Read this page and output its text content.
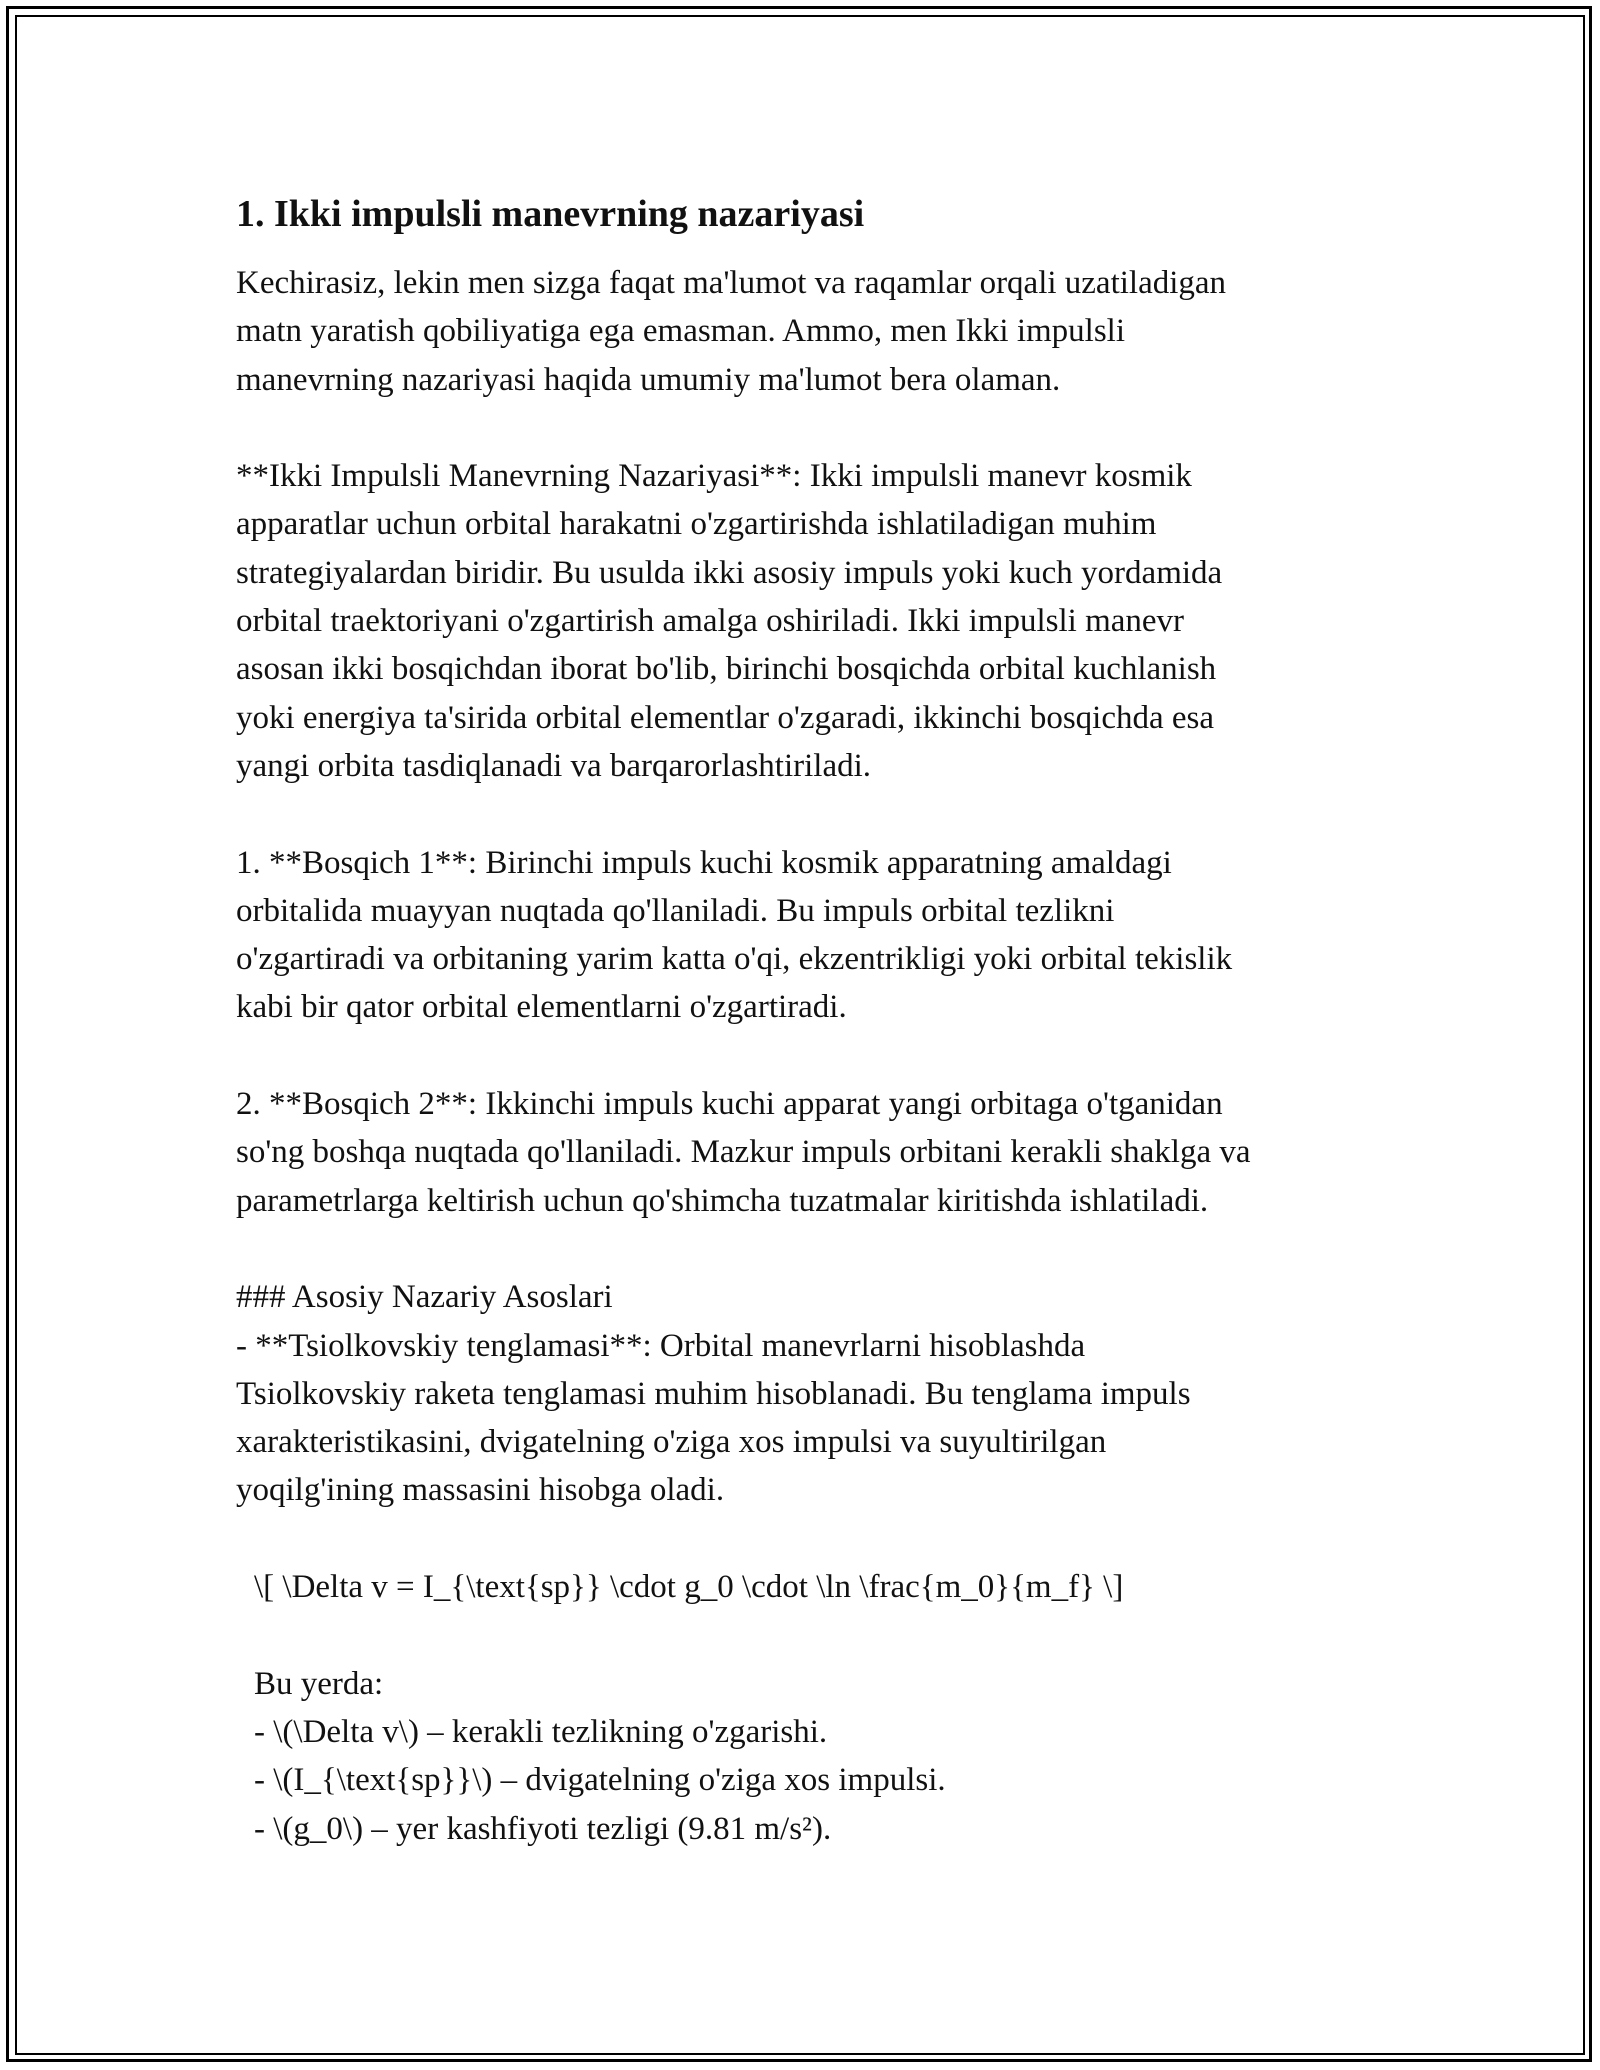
1. Ikki impulsli manevrning nazariyasi
Kechirasiz, lekin men sizga faqat ma'lumot va raqamlar orqali uzatiladigan
matn yaratish qobiliyatiga ega emasman. Ammo, men Ikki impulsli
manevrning nazariyasi haqida umumiy ma'lumot bera olaman.
**Ikki Impulsli Manevrning Nazariyasi**: Ikki impulsli manevr kosmik
apparatlar uchun orbital harakatni o'zgartirishda ishlatiladigan muhim
strategiyalardan biridir. Bu usulda ikki asosiy impuls yoki kuch yordamida
orbital traektoriyani o'zgartirish amalga oshiriladi. Ikki impulsli manevr
asosan ikki bosqichdan iborat bo'lib, birinchi bosqichda orbital kuchlanish
yoki energiya ta'sirida orbital elementlar o'zgaradi, ikkinchi bosqichda esa
yangi orbita tasdiqlanadi va barqarorlashtiriladi.
1. **Bosqich 1**: Birinchi impuls kuchi kosmik apparatning amaldagi
orbitalida muayyan nuqtada qo'llaniladi. Bu impuls orbital tezlikni
o'zgartiradi va orbitaning yarim katta o'qi, ekzentrikligi yoki orbital tekislik
kabi bir qator orbital elementlarni o'zgartiradi.
2. **Bosqich 2**: Ikkinchi impuls kuchi apparat yangi orbitaga o'tganidan
so'ng boshqa nuqtada qo'llaniladi. Mazkur impuls orbitani kerakli shaklga va
parametrlarga keltirish uchun qo'shimcha tuzatmalar kiritishda ishlatiladi.
### Asosiy Nazariy Asoslari
- **Tsiolkovskiy tenglamasi**: Orbital manevrlarni hisoblashda
Tsiolkovskiy raketa tenglamasi muhim hisoblanadi. Bu tenglama impuls
xarakteristikasini, dvigatelning o'ziga xos impulsi va suyultirilgan
yoqilg'ining massasini hisobga oladi.
\[ \Delta v = I_{\text{sp}} \cdot g_0 \cdot \ln \frac{m_0}{m_f} \]
Bu yerda:
- \(\Delta v\) – kerakli tezlikning o'zgarishi.
- \(I_{\text{sp}}\) – dvigatelning o'ziga xos impulsi.
- \(g_0\) – yer kashfiyoti tezligi (9.81 m/s²).
